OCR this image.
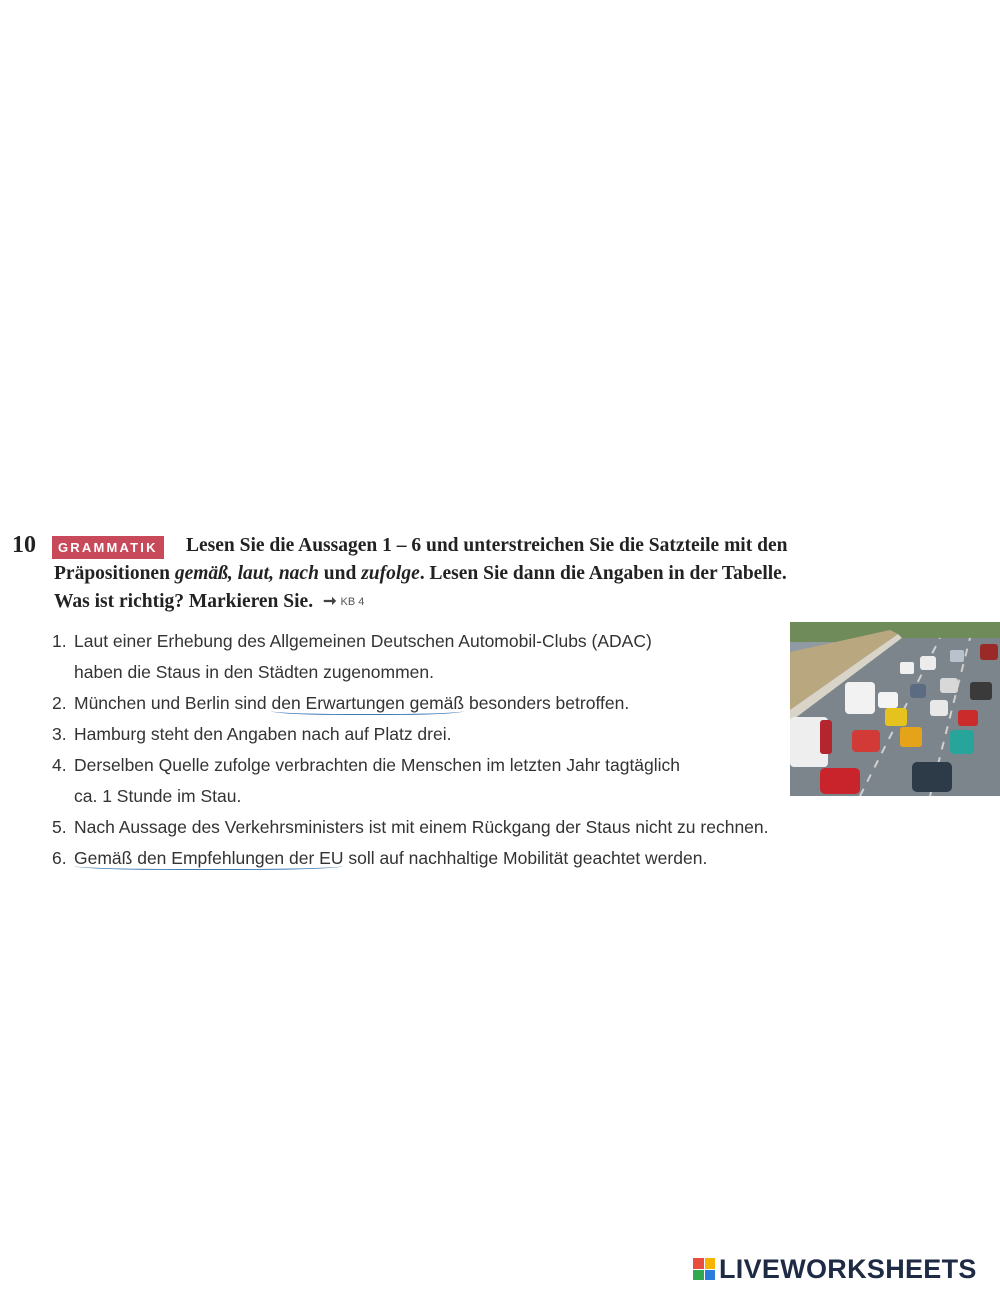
10	Lesen Sie die Aussagen 1 – 6 und unterstreichen Sie die Satzteile mit den
Präpositionen gemäß, laut, nach und zufolge. Lesen Sie dann die Angaben in der Tabelle.
Was ist richtig? Markieren Sie. ➞ KB 4
GRAMMATIK
1. Laut einer Erhebung des Allgemeinen Deutschen Automobil-Clubs (ADAC)
haben die Staus in den Städten zugenommen.
2. München und Berlin sind den Erwartungen gemäß besonders betroffen.
3. Hamburg steht den Angaben nach auf Platz drei.
4. Derselben Quelle zufolge verbrachten die Menschen im letzten Jahr tagtäglich
ca. 1 Stunde im Stau.
5. Nach Aussage des Verkehrsministers ist mit einem Rückgang der Staus nicht zu rechnen.
6. Gemäß den Empfehlungen der EU soll auf nachhaltige Mobilität geachtet werden.
LIVEWORKSHEETS
